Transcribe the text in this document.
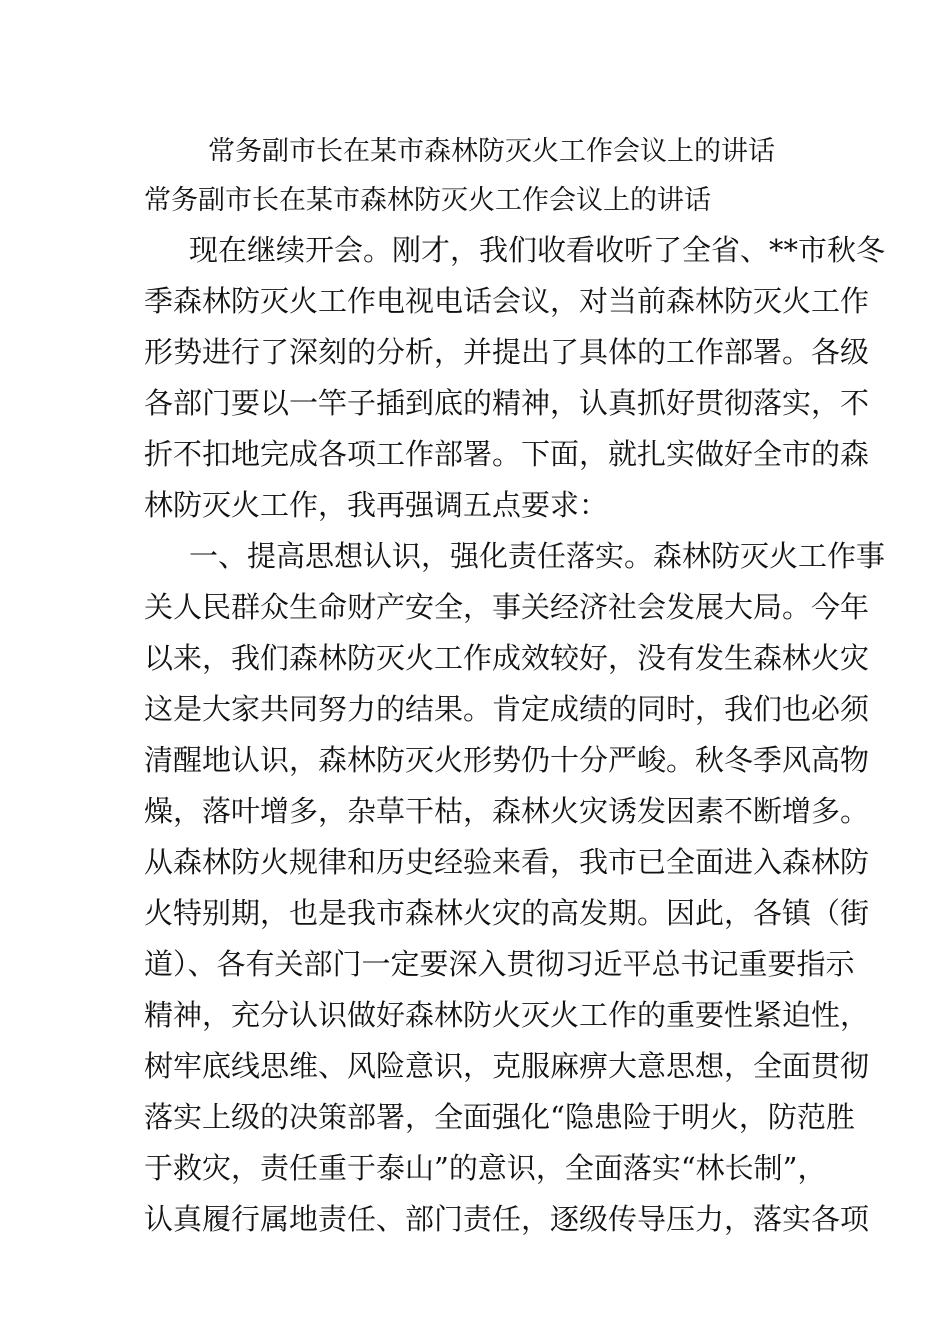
常务副市长在某市森林防灭火工作会议上的讲话
常务副市长在某市森林防灭火工作会议上的讲话
现在继续开会。刚才，我们收看收听了全省、**市秋冬
季森林防灭火工作电视电话会议，对当前森林防灭火工作
形势进行了深刻的分析，并提出了具体的工作部署。各级
各部门要以一竿子插到底的精神，认真抓好贯彻落实，不
折不扣地完成各项工作部署。下面，就扎实做好全市的森
林防灭火工作，我再强调五点要求：
一、提高思想认识，强化责任落实。森林防灭火工作事
关人民群众生命财产安全，事关经济社会发展大局。今年
以来，我们森林防灭火工作成效较好，没有发生森林火灾
这是大家共同努力的结果。肯定成绩的同时，我们也必须
清醒地认识，森林防灭火形势仍十分严峻。秋冬季风高物
燥，落叶增多，杂草干枯，森林火灾诱发因素不断增多。
从森林防火规律和历史经验来看，我市已全面进入森林防
火特别期，也是我市森林火灾的高发期。因此，各镇（街
道）、各有关部门一定要深入贯彻习近平总书记重要指示
精神，充分认识做好森林防火灭火工作的重要性紧迫性，
树牢底线思维、风险意识，克服麻痹大意思想，全面贯彻
落实上级的决策部署，全面强化“隐患险于明火，防范胜
于救灾，责任重于泰山”的意识，全面落实“林长制”，
认真履行属地责任、部门责任，逐级传导压力，落实各项
